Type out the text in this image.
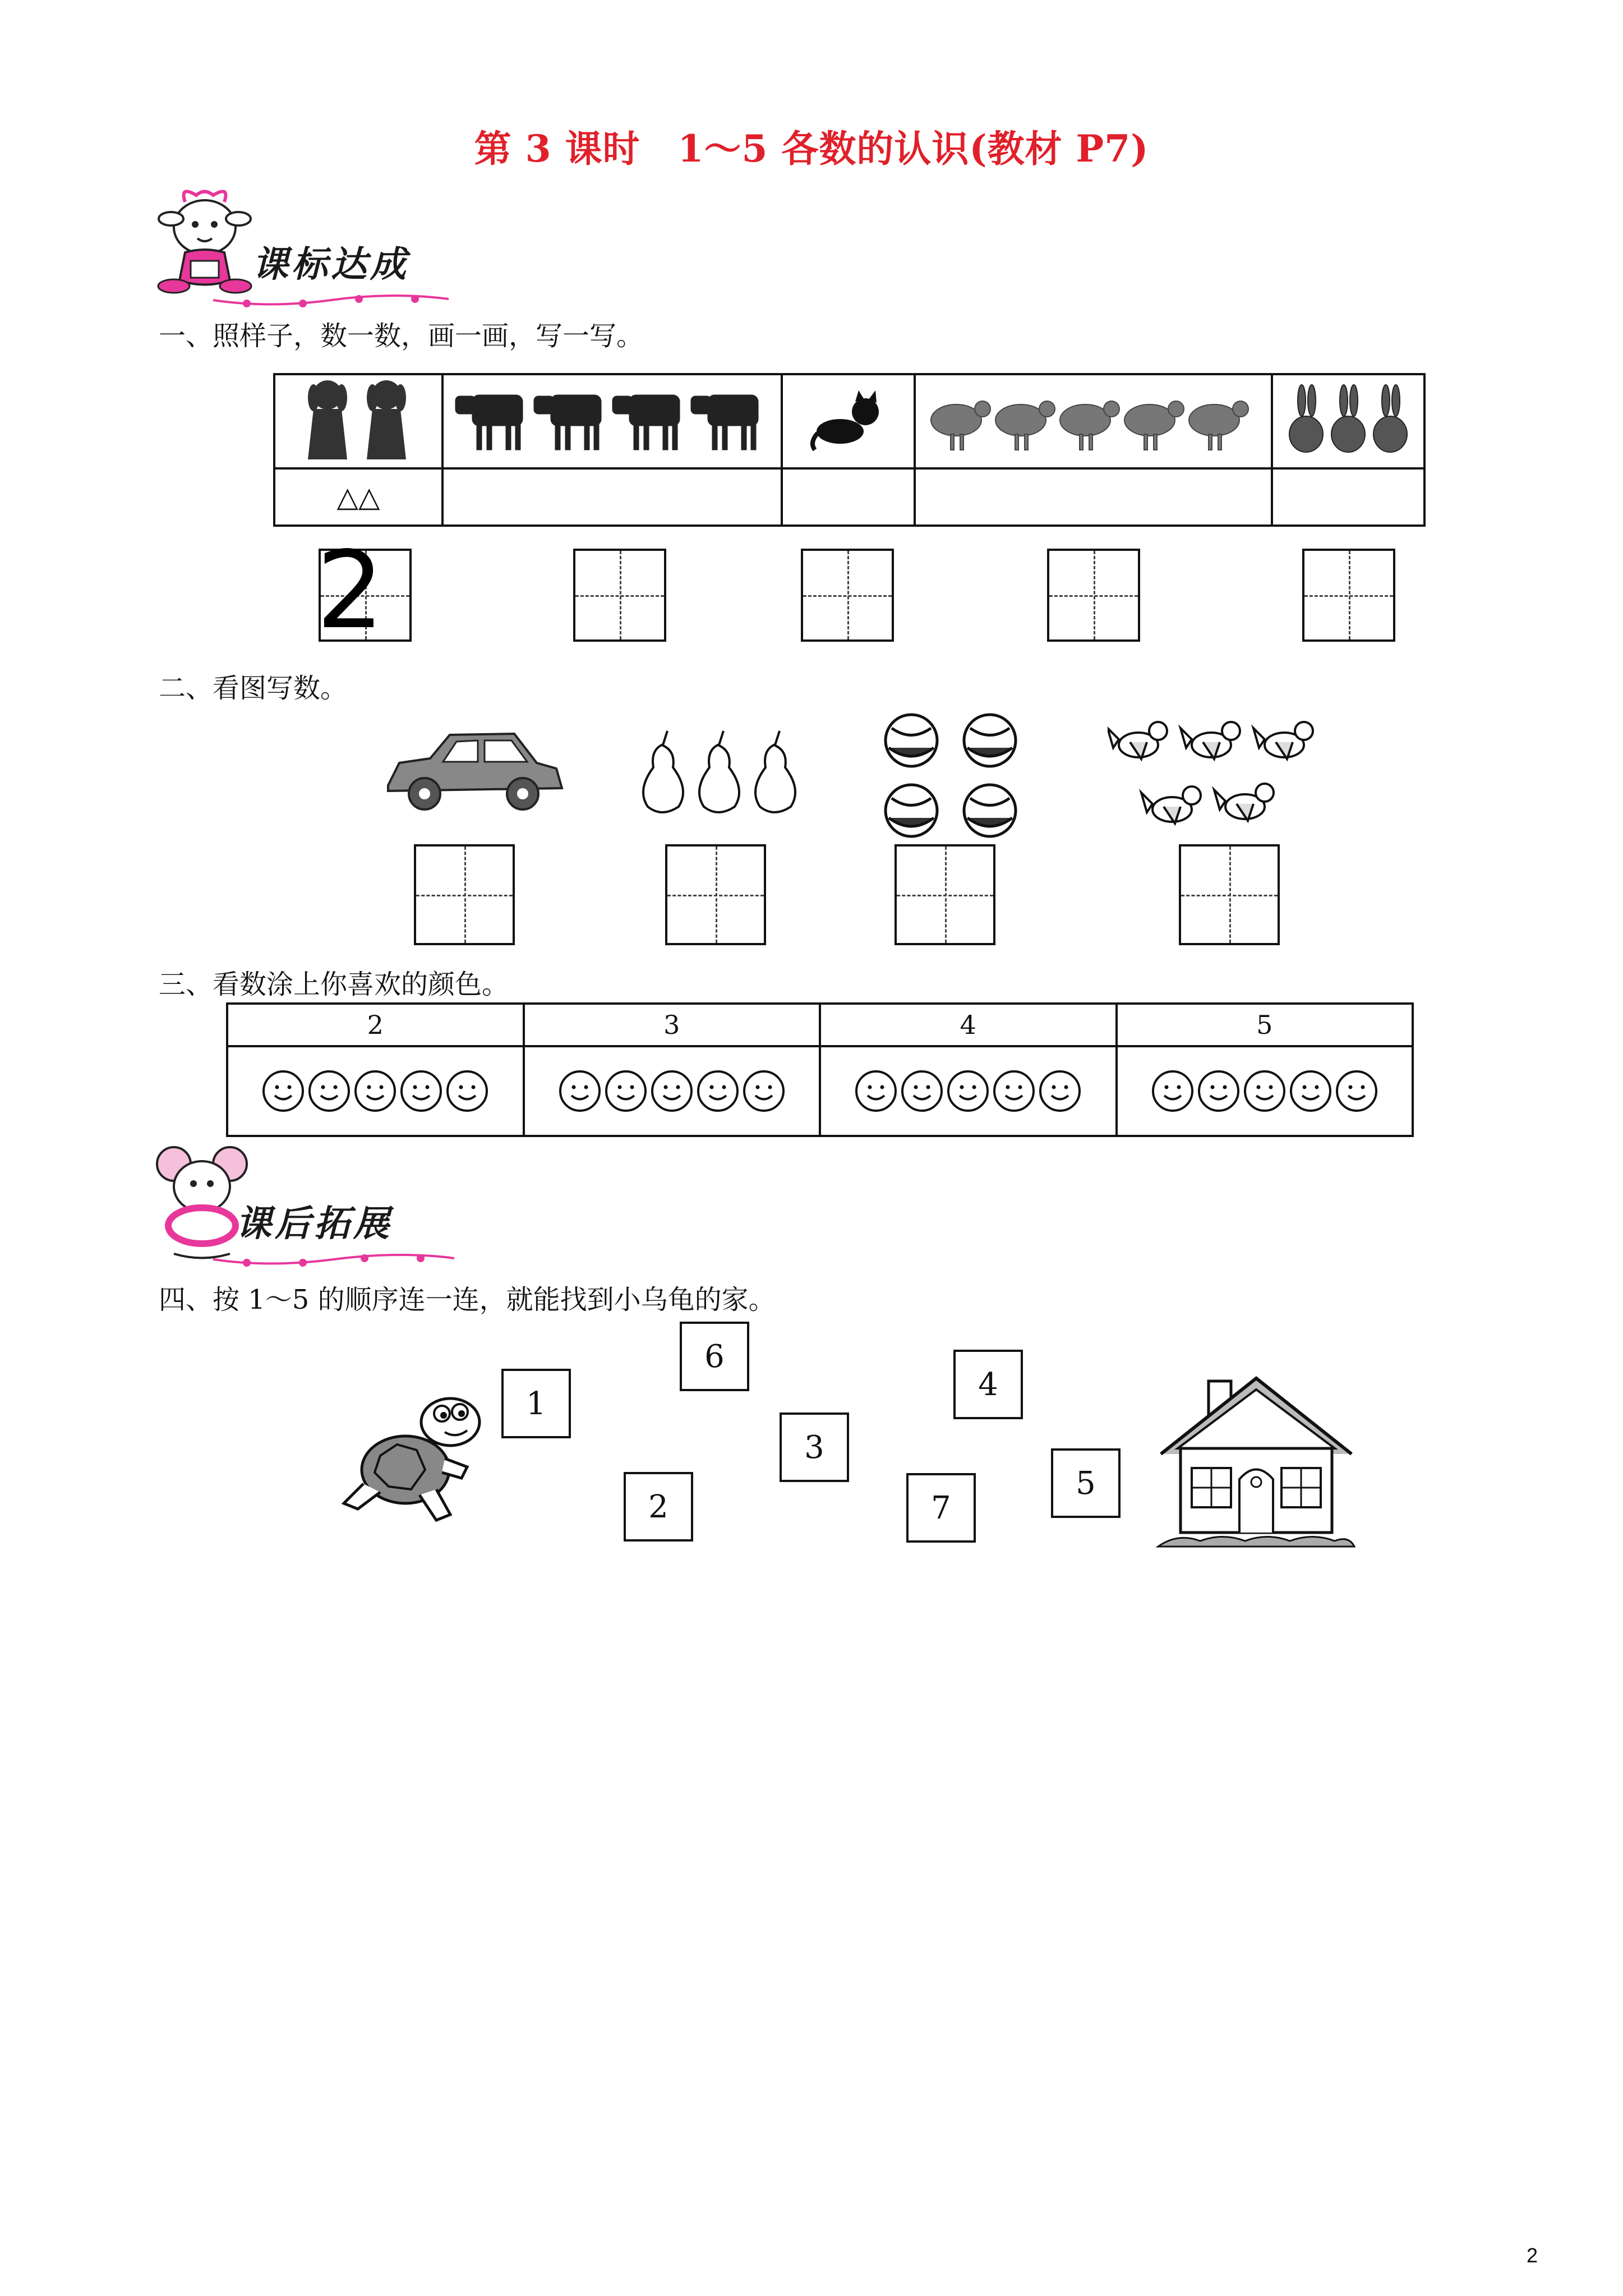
第 3 课时　1～5 各数的认识(教材 P7)
课标达成
一、照样子，数一数，画一画，写一写。

△△				
2
二、看图写数。
三、看数涂上你喜欢的颜色。
2	3	4	5

课后拓展
四、按 1～5 的顺序连一连，就能找到小乌龟的家。
1
6
2
3
4
7
5
2
